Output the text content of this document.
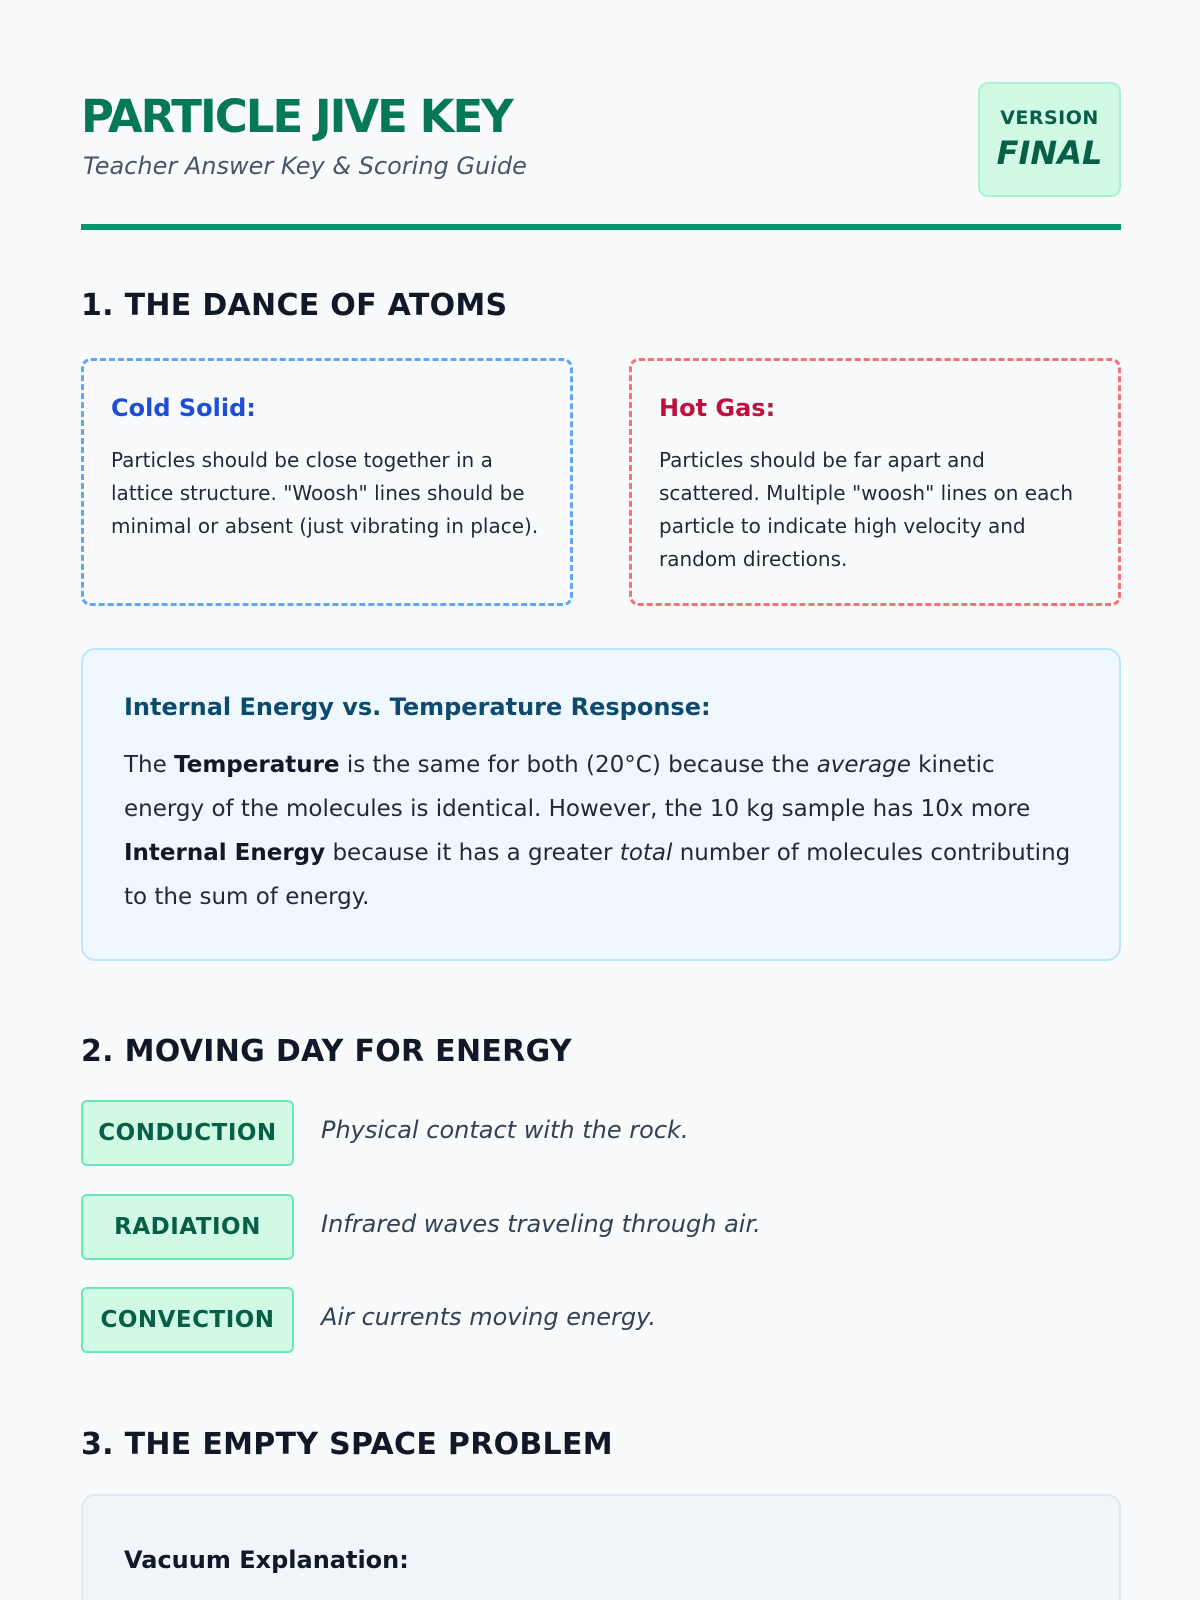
PARTICLE JIVE KEY
Teacher Answer Key & Scoring Guide
VERSION
FINAL
1. THE DANCE OF ATOMS
Cold Solid:
Particles should be close together in a lattice structure. "Woosh" lines should be minimal or absent (just vibrating in place).
Hot Gas:
Particles should be far apart and scattered. Multiple "woosh" lines on each particle to indicate high velocity and random directions.
Internal Energy vs. Temperature Response:
The Temperature is the same for both (20°C) because the average kinetic energy of the molecules is identical. However, the 10 kg sample has 10x more Internal Energy because it has a greater total number of molecules contributing to the sum of energy.
2. MOVING DAY FOR ENERGY
CONDUCTION	Physical contact with the rock.
RADIATION	Infrared waves traveling through air.
CONVECTION	Air currents moving energy.
3. THE EMPTY SPACE PROBLEM
Vacuum Explanation:
